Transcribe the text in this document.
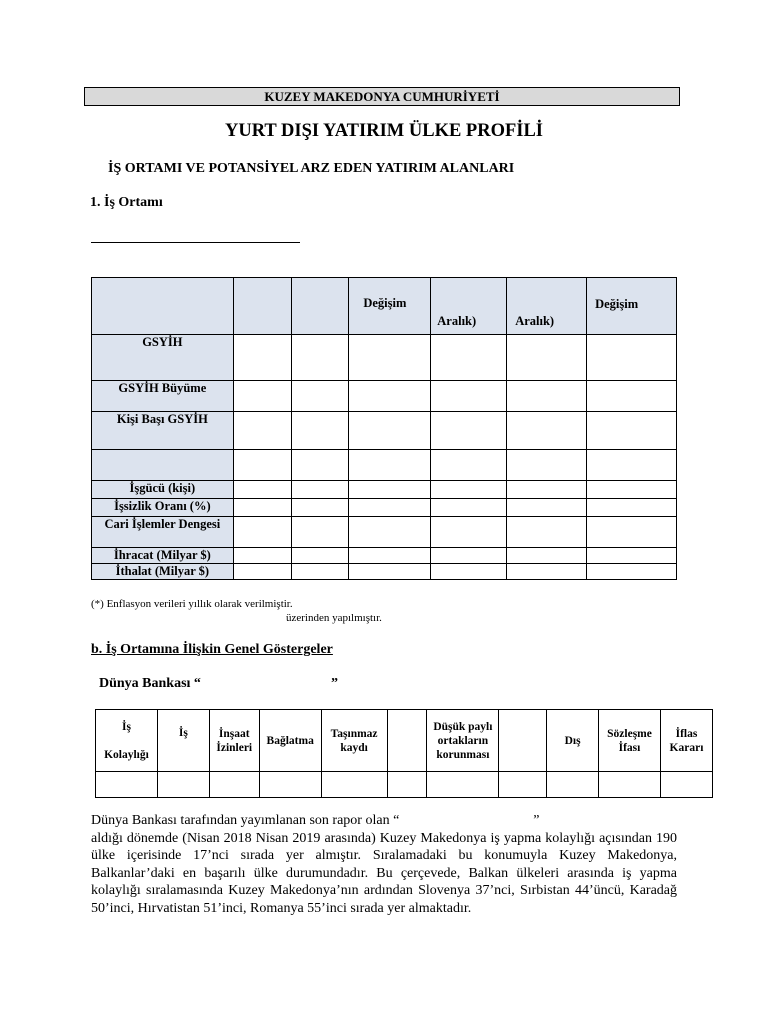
KUZEY MAKEDONYA CUMHURİYETİ
YURT DIŞI YATIRIM ÜLKE PROFİLİ
İŞ ORTAMI VE POTANSİYEL ARZ EDEN YATIRIM ALANLARI
1. İş Ortamı
			Değişim	Aralık)	Aralık)	Değişim
GSYİH						
GSYİH Büyüme						
Kişi Başı GSYİH						

İşgücü (kişi)						
İşsizlik Oranı (%)						
Cari İşlemler Dengesi						
İhracat (Milyar $)						
İthalat (Milyar $)						
(*) Enflasyon verileri yıllık olarak verilmiştir.
üzerinden yapılmıştır.
b. İş Ortamına İlişkin Genel Göstergeler
Dünya Bankası “	”
İş

Kolaylığı	İş	İnşaat İzinleri	Bağlatma	Taşınmaz kaydı		Düşük paylı ortakların korunması		Dış	Sözleşme İfası	İflas Kararı

Dünya Bankası tarafından yayımlanan son rapor olan “	”
aldığı dönemde (Nisan 2018 Nisan 2019 arasında) Kuzey Makedonya iş yapma kolaylığı açısından 190 ülke içerisinde 17’nci sırada yer almıştır. Sıralamadaki bu konumuyla Kuzey Makedonya, Balkanlar’daki en başarılı ülke durumundadır. Bu çerçevede, Balkan ülkeleri arasında iş yapma kolaylığı sıralamasında Kuzey Makedonya’nın ardından Slovenya 37’nci, Sırbistan 44’üncü, Karadağ 50’inci, Hırvatistan 51’inci, Romanya 55’inci sırada yer almaktadır.
